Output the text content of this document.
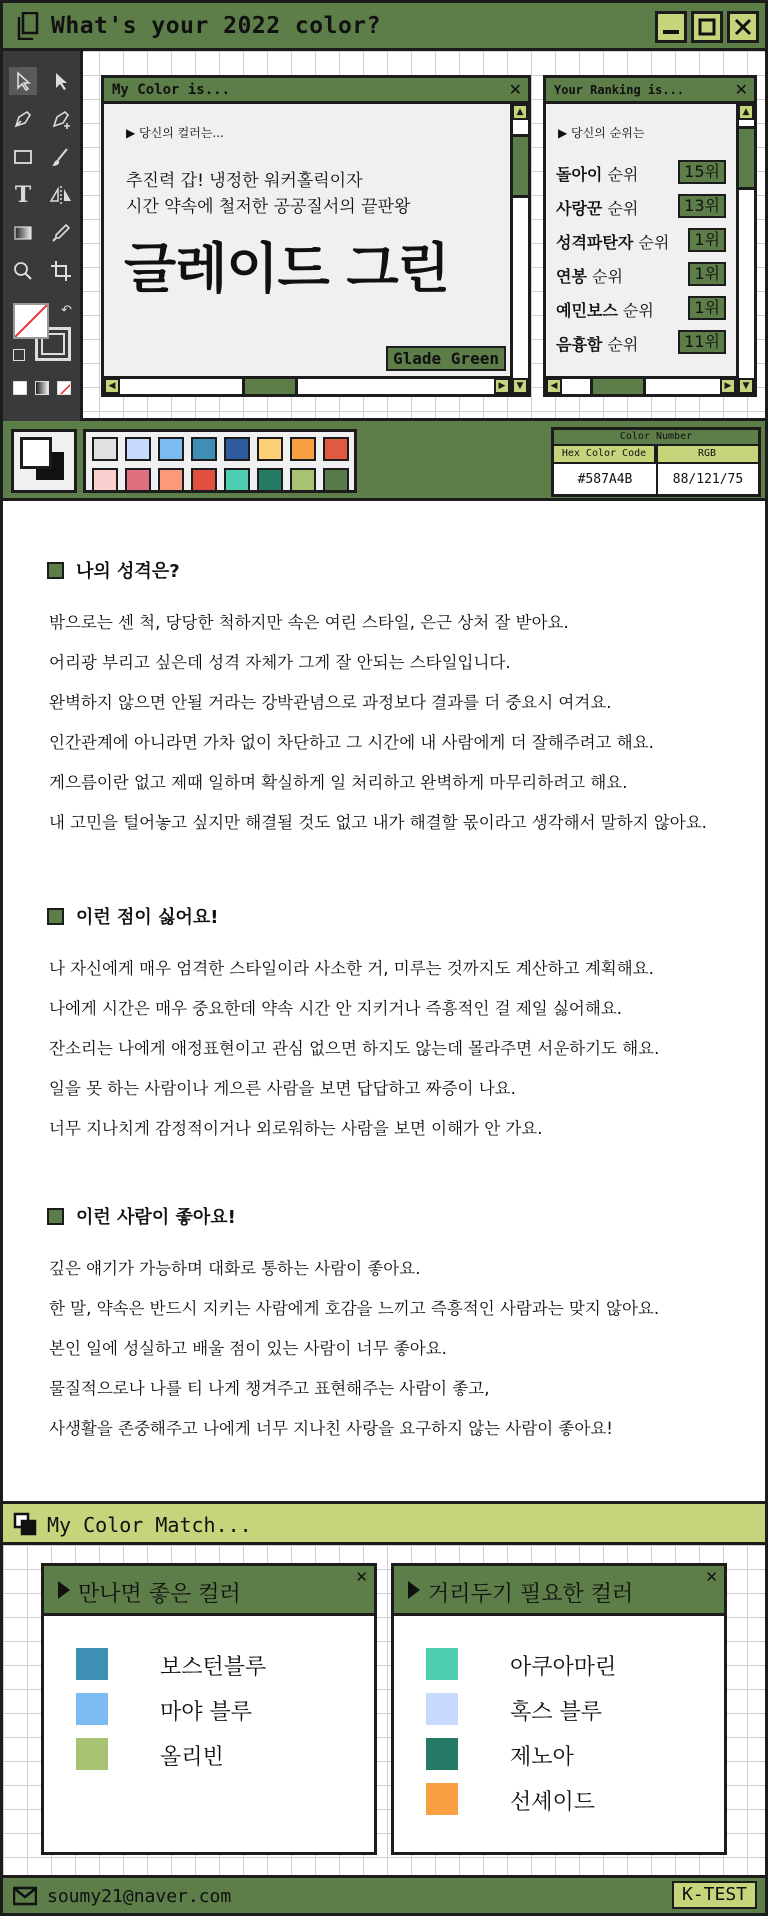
What's your 2022 color?
T
↶
My Color is...	✕
▶ 당신의 컬러는...
추진력 갑! 냉정한 워커홀릭이자
시간 약속에 철저한 공공질서의 끝판왕
글레이드 그린
Glade Green
▲
▼
◀	▶
Your Ranking is...	✕
▶ 당신의 순위는
돌아이 순위	15위
사랑꾼 순위	13위
성격파탄자 순위	1위
연봉 순위	1위
예민보스 순위	1위
음흉함 순위	11위
▲
▼
◀	▶
Color Number
Hex Color Code	RGB
#587A4B	88/121/75
나의 성격은?
밖으로는 센 척, 당당한 척하지만 속은 여린 스타일, 은근 상처 잘 받아요.
어리광 부리고 싶은데 성격 자체가 그게 잘 안되는 스타일입니다.
완벽하지 않으면 안될 거라는 강박관념으로 과정보다 결과를 더 중요시 여겨요.
인간관계에 아니라면 가차 없이 차단하고 그 시간에 내 사람에게 더 잘해주려고 해요.
게으름이란 없고 제때 일하며 확실하게 일 처리하고 완벽하게 마무리하려고 해요.
내 고민을 털어놓고 싶지만 해결될 것도 없고 내가 해결할 몫이라고 생각해서 말하지 않아요.
이런 점이 싫어요!
나 자신에게 매우 엄격한 스타일이라 사소한 거, 미루는 것까지도 계산하고 계획해요.
나에게 시간은 매우 중요한데 약속 시간 안 지키거나 즉흥적인 걸 제일 싫어해요.
잔소리는 나에게 애정표현이고 관심 없으면 하지도 않는데 몰라주면 서운하기도 해요.
일을 못 하는 사람이나 게으른 사람을 보면 답답하고 짜증이 나요.
너무 지나치게 감정적이거나 외로워하는 사람을 보면 이해가 안 가요.
이런 사람이 좋아요!
깊은 얘기가 가능하며 대화로 통하는 사람이 좋아요.
한 말, 약속은 반드시 지키는 사람에게 호감을 느끼고 즉흥적인 사람과는 맞지 않아요.
본인 일에 성실하고 배울 점이 있는 사람이 너무 좋아요.
물질적으로나 나를 티 나게 챙겨주고 표현해주는 사람이 좋고,
사생활을 존중해주고 나에게 너무 지나친 사랑을 요구하지 않는 사람이 좋아요!
My Color Match...
만나면 좋은 컬러
✕
보스턴블루
마야 블루
올리빈
거리두기 필요한 컬러
✕
아쿠아마린
혹스 블루
제노아
선셰이드
soumy21@naver.com	K-TEST
